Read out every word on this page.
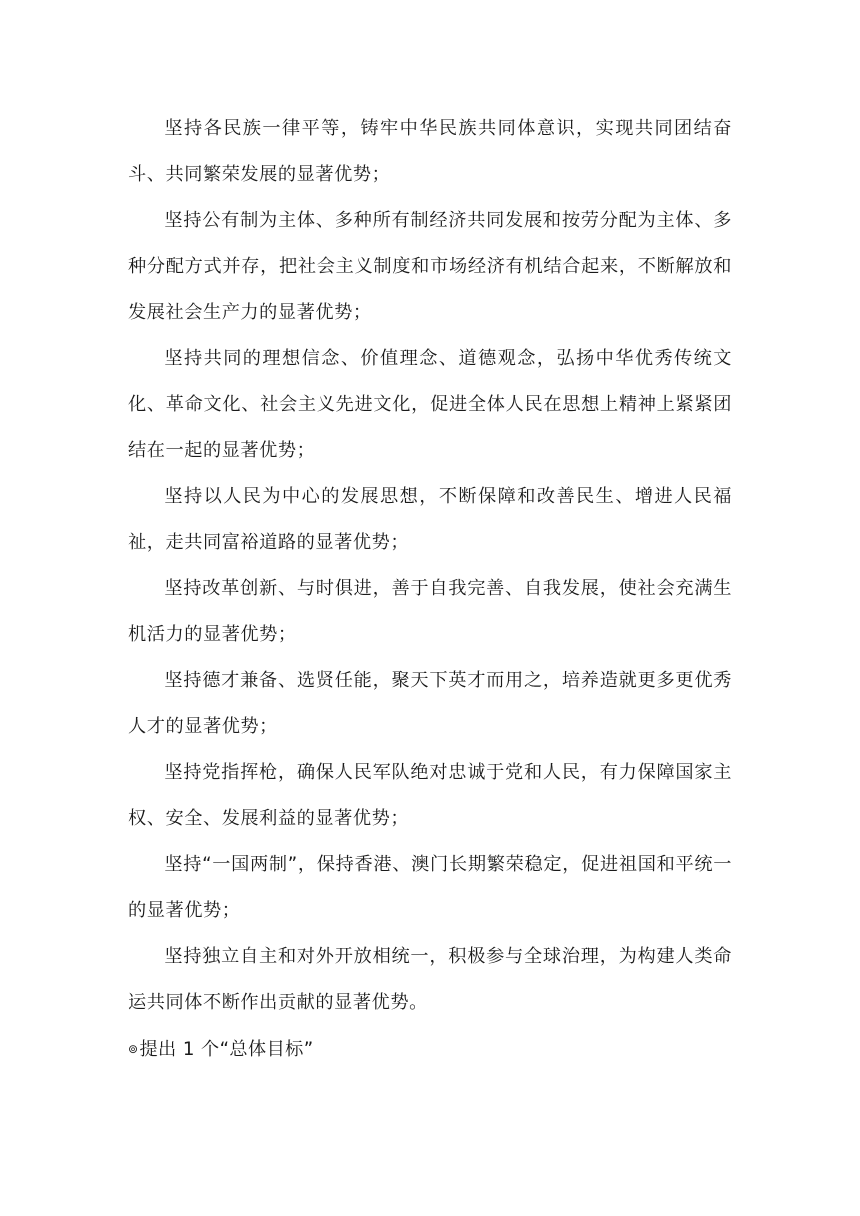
坚持各民族一律平等，铸牢中华民族共同体意识，实现共同团结奋斗、共同繁荣发展的显著优势；

坚持公有制为主体、多种所有制经济共同发展和按劳分配为主体、多种分配方式并存，把社会主义制度和市场经济有机结合起来，不断解放和发展社会生产力的显著优势；

坚持共同的理想信念、价值理念、道德观念，弘扬中华优秀传统文化、革命文化、社会主义先进文化，促进全体人民在思想上精神上紧紧团结在一起的显著优势；

坚持以人民为中心的发展思想，不断保障和改善民生、增进人民福祉，走共同富裕道路的显著优势；

坚持改革创新、与时俱进，善于自我完善、自我发展，使社会充满生机活力的显著优势；

坚持德才兼备、选贤任能，聚天下英才而用之，培养造就更多更优秀人才的显著优势；

坚持党指挥枪，确保人民军队绝对忠诚于党和人民，有力保障国家主权、安全、发展利益的显著优势；

坚持“一国两制”，保持香港、澳门长期繁荣稳定，促进祖国和平统一的显著优势；

坚持独立自主和对外开放相统一，积极参与全球治理，为构建人类命运共同体不断作出贡献的显著优势。

⊚提出 1 个“总体目标”
